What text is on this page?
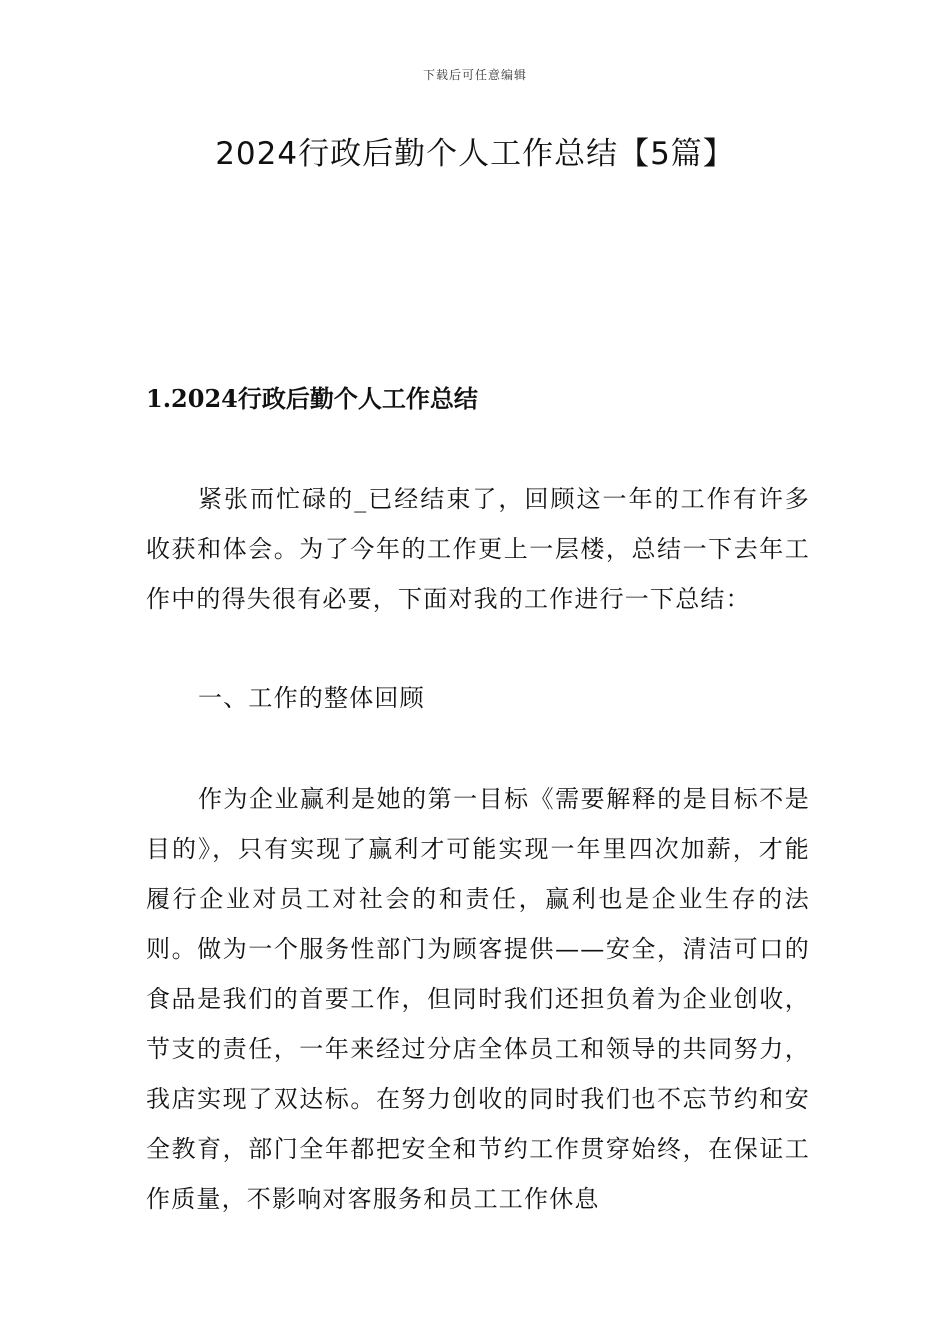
下载后可任意编辑
2024行政后勤个人工作总结【5篇】
1.2024行政后勤个人工作总结

紧张而忙碌的_已经结束了，回顾这一年的工作有许多收获和体会。为了今年的工作更上一层楼，总结一下去年工作中的得失很有必要，下面对我的工作进行一下总结：

一、工作的整体回顾

作为企业赢利是她的第一目标《需要解释的是目标不是目的》，只有实现了赢利才可能实现一年里四次加薪，才能履行企业对员工对社会的和责任，赢利也是企业生存的法则。做为一个服务性部门为顾客提供——安全，清洁可口的食品是我们的首要工作，但同时我们还担负着为企业创收，节支的责任，一年来经过分店全体员工和领导的共同努力，我店实现了双达标。在努力创收的同时我们也不忘节约和安全教育，部门全年都把安全和节约工作贯穿始终，在保证工作质量，不影响对客服务和员工工作休息
